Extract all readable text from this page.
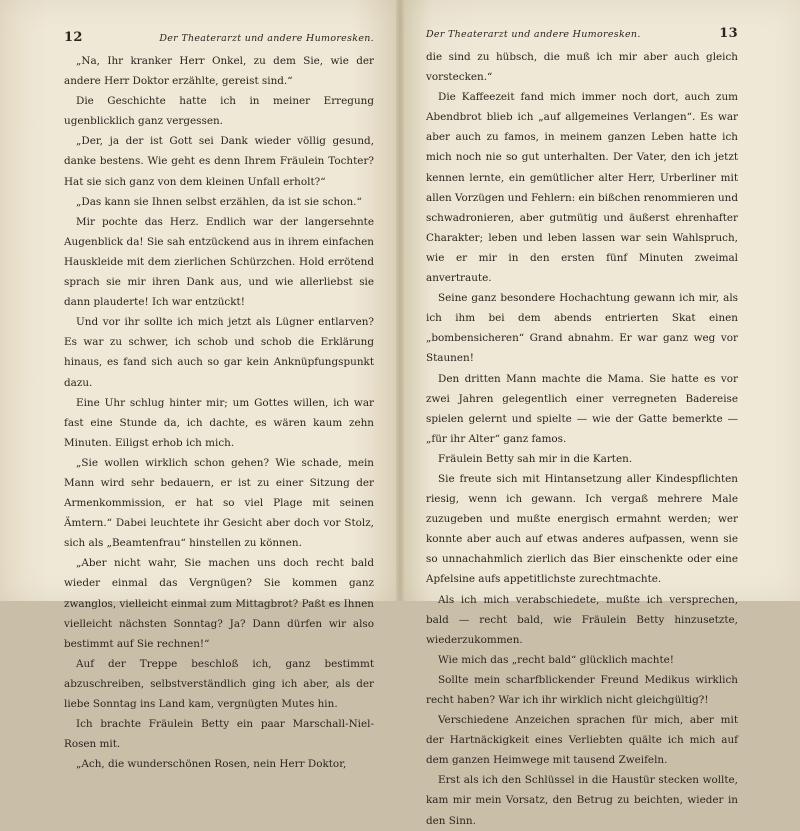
12	Der Theaterarzt und andere Humoresken.

„Na, Ihr kranker Herr Onkel, zu dem Sie, wie der andere Herr Doktor erzählte, gereist sind.“

Die Geschichte hatte ich in meiner Erregung ugenblicklich ganz vergessen.

„Der, ja der ist Gott sei Dank wieder völlig gesund, danke bestens. Wie geht es denn Ihrem Fräulein Tochter? Hat sie sich ganz von dem kleinen Unfall erholt?“

„Das kann sie Ihnen selbst erzählen, da ist sie schon.“

Mir pochte das Herz. Endlich war der langersehnte Augenblick da! Sie sah entzückend aus in ihrem einfachen Hauskleide mit dem zierlichen Schürzchen. Hold errötend sprach sie mir ihren Dank aus, und wie allerliebst sie dann plauderte! Ich war entzückt!

Und vor ihr sollte ich mich jetzt als Lügner entlarven? Es war zu schwer, ich schob und schob die Erklärung hinaus, es fand sich auch so gar kein Anknüpfungspunkt dazu.

Eine Uhr schlug hinter mir; um Gottes willen, ich war fast eine Stunde da, ich dachte, es wären kaum zehn Minuten. Eiligst erhob ich mich.

„Sie wollen wirklich schon gehen? Wie schade, mein Mann wird sehr bedauern, er ist zu einer Sitzung der Armenkommission, er hat so viel Plage mit seinen Ämtern.“ Dabei leuchtete ihr Gesicht aber doch vor Stolz, sich als „Beamtenfrau“ hinstellen zu können.

„Aber nicht wahr, Sie machen uns doch recht bald wieder einmal das Vergnügen? Sie kommen ganz zwanglos, vielleicht einmal zum Mittagbrot? Paßt es Ihnen vielleicht nächsten Sonntag? Ja? Dann dürfen wir also bestimmt auf Sie rechnen!“

Auf der Treppe beschloß ich, ganz bestimmt abzuschreiben, selbstverständlich ging ich aber, als der liebe Sonntag ins Land kam, vergnügten Mutes hin.

Ich brachte Fräulein Betty ein paar Marschall-Niel-Rosen mit.

„Ach, die wunderschönen Rosen, nein Herr Doktor,

Der Theaterarzt und andere Humoresken.	13

die sind zu hübsch, die muß ich mir aber auch gleich vorstecken.“

Die Kaffeezeit fand mich immer noch dort, auch zum Abendbrot blieb ich „auf allgemeines Verlangen“. Es war aber auch zu famos, in meinem ganzen Leben hatte ich mich noch nie so gut unterhalten. Der Vater, den ich jetzt kennen lernte, ein gemütlicher alter Herr, Urberliner mit allen Vorzügen und Fehlern: ein bißchen renommieren und schwadronieren, aber gutmütig und äußerst ehrenhafter Charakter; leben und leben lassen war sein Wahlspruch, wie er mir in den ersten fünf Minuten zweimal anvertraute.

Seine ganz besondere Hochachtung gewann ich mir, als ich ihm bei dem abends entrierten Skat einen „bombensicheren“ Grand abnahm. Er war ganz weg vor Staunen!

Den dritten Mann machte die Mama. Sie hatte es vor zwei Jahren gelegentlich einer verregneten Badereise spielen gelernt und spielte — wie der Gatte bemerkte — „für ihr Alter“ ganz famos.

Fräulein Betty sah mir in die Karten.

Sie freute sich mit Hintansetzung aller Kindespflichten riesig, wenn ich gewann. Ich vergaß mehrere Male zuzugeben und mußte energisch ermahnt werden; wer konnte aber auch auf etwas anderes aufpassen, wenn sie so unnachahmlich zierlich das Bier einschenkte oder eine Apfelsine aufs appetitlichste zurechtmachte.

Als ich mich verabschiedete, mußte ich versprechen, bald — recht bald, wie Fräulein Betty hinzusetzte, wiederzukommen.

Wie mich das „recht bald“ glücklich machte!

Sollte mein scharfblickender Freund Medikus wirklich recht haben? War ich ihr wirklich nicht gleichgültig?!

Verschiedene Anzeichen sprachen für mich, aber mit der Hartnäckigkeit eines Verliebten quälte ich mich auf dem ganzen Heimwege mit tausend Zweifeln.

Erst als ich den Schlüssel in die Haustür stecken wollte, kam mir mein Vorsatz, den Betrug zu beichten, wieder in den Sinn.
